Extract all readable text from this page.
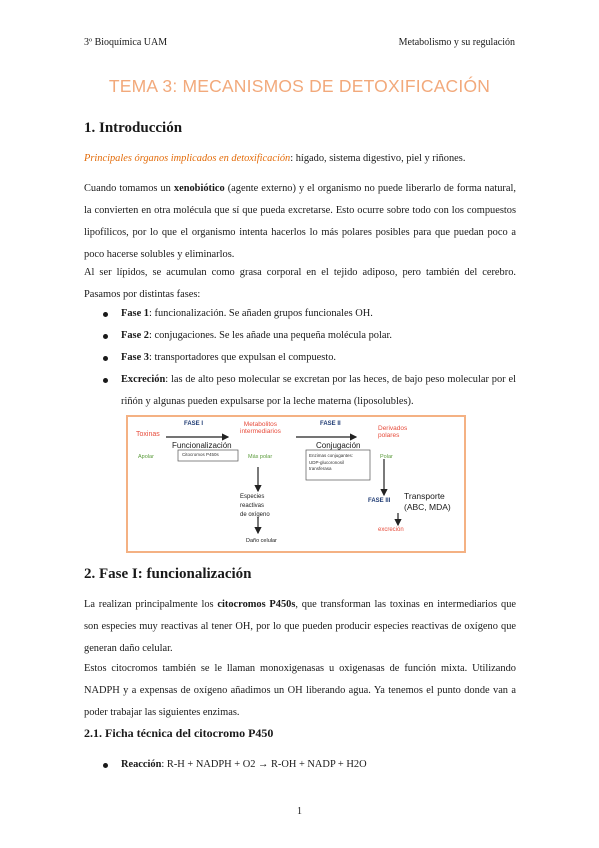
3º Bioquímica UAM	Metabolismo y su regulación
TEMA 3: MECANISMOS DE DETOXIFICACIÓN
1. Introducción
Principales órganos implicados en detoxificación: hígado, sistema digestivo, piel y riñones.
Cuando tomamos un xenobiótico (agente externo) y el organismo no puede liberarlo de forma natural, la convierten en otra molécula que sí que pueda excretarse. Esto ocurre sobre todo con los compuestos lipofílicos, por lo que el organismo intenta hacerlos lo más polares posibles para que puedan poco a poco hacerse solubles y eliminarlos.
Al ser lípidos, se acumulan como grasa corporal en el tejido adiposo, pero también del cerebro. Pasamos por distintas fases:
Fase 1: funcionalización. Se añaden grupos funcionales OH.
Fase 2: conjugaciones. Se les añade una pequeña molécula polar.
Fase 3: transportadores que expulsan el compuesto.
Excreción: las de alto peso molecular se excretan por las heces, de bajo peso molecular por el riñón y algunas pueden expulsarse por la leche materna (liposolubles).
Toxinas
Apolar
FASE I
Funcionalización
Citocromos P450s
Metabolitos
intermediarios
Más polar
Especies
reactivas
de oxígeno
Daño celular
FASE II
Conjugación
Enzimas conjugantes:
UDP-glucoronosil
transferasa
Derivados
polares
Polar
FASE III Transporte
(ABC, MDA)
excreción
2. Fase I: funcionalización
La realizan principalmente los citocromos P450s, que transforman las toxinas en intermediarios que son especies muy reactivas al tener OH, por lo que pueden producir especies reactivas de oxígeno que generan daño celular.
Estos citocromos también se le llaman monoxigenasas u oxigenasas de función mixta. Utilizando NADPH y a expensas de oxígeno añadimos un OH liberando agua. Ya tenemos el punto donde van a poder trabajar las siguientes enzimas.
2.1. Ficha técnica del citocromo P450
Reacción: R-H + NADPH + O2 → R-OH + NADP + H2O
1
